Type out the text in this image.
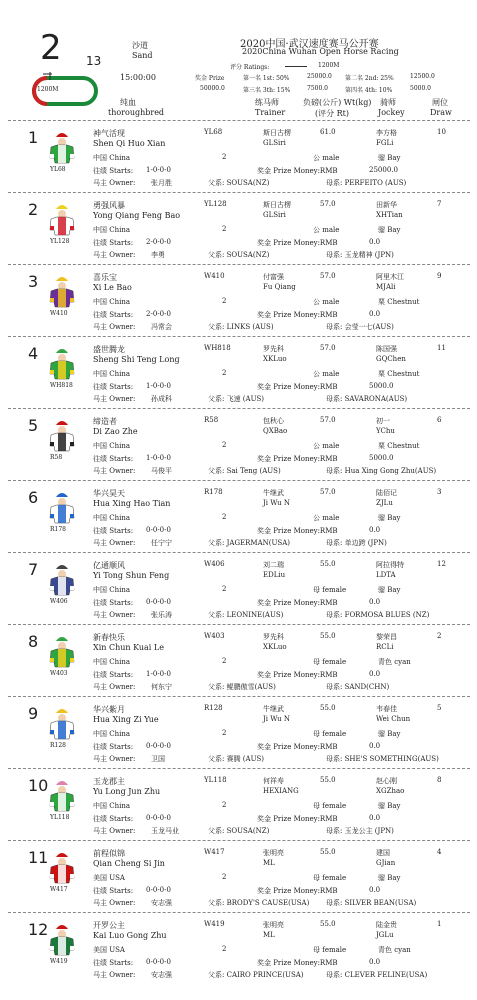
2 13
沙道
Sand
2020中国·武汉速度赛马公开赛
2020China Wuhan Open Horse Racing
评分 Ratings:	1200M
1200M
15:00:00	奖金 Prize
50000.0
第一名 1st: 50%	25000.0 第二名 2nd: 25%	12500.0
第三名 3th: 15%	7500.0	第四名 4th: 10%	5000.0
纯血
thoroughbred
练马师
Trainer
负磅(公斤) Wt(kg)
(评分 Rt)
骑师
Jockey
闸位
Draw
1
YL68
神气活现
Shen Qi Huo Xian
中国 China	2
往绩 Starts: 1-0-0-0
马主 Owner: 张月胜
YL68	斯日古楞
GLSiri
61.0
公 male	骝 Bay
李方格
FGLi
10
奖金 Prize Money:RMB	25000.0
父系: SOUSA(NZ)	母系: PERFEITO (AUS)
2
YL128
勇强风暴
Yong Qiang Feng Bao
中国 China	2
往绩 Starts: 2-0-0-0
马主 Owner: 李勇
YL128	斯日古楞
GLSiri
57.0
公 male	骝 Bay
田新华
XHTian
7
奖金 Prize Money:RMB	0.0
父系: SOUSA(NZ)	母系: 玉龙精神 (JPN)
3
W410
喜乐宝
Xi Le Bao
中国 China	2
往绩 Starts: 2-0-0-0
马主 Owner: 冯常会
W410	付富强
Fu Qiang
57.0
公 male	栗 Chestnut
阿里木江
MJAli
9
奖金 Prize Money:RMB	0.0
父系: LINKS (AUS)	母系: 会莹一七(AUS)
4
WH818
盛世腾龙
Sheng Shi Teng Long
中国 China	2
往绩 Starts: 1-0-0-0
马主 Owner: 孙成科
WH818	罗先科
XKLuo
57.0
公 male	栗 Chestnut
陈国强
GQChen
11
奖金 Prize Money:RMB	5000.0
父系: 飞速 (AUS)	母系: SAVARONA(AUS)
5
R58
缔造者
Di Zao Zhe
中国 China	2
往绩 Starts: 1-0-0-0
马主 Owner: 马俊平
R58	包秋心
QXBao
57.0
公 male	栗 Chestnut
初一
YChu
6
奖金 Prize Money:RMB	5000.0
父系: Sai Teng (AUS)	母系: Hua Xing Gong Zhu(AUS)
6
R178
华兴昊天
Hua Xing Hao Tian
中国 China	2
往绩 Starts: 0-0-0-0
马主 Owner: 任宁宁
R178	牛继武
Ji Wu N
57.0
公 male	骝 Bay
陆佰记
ZJLu
3
奖金 Prize Money:RMB	0.0
父系: JAGERMAN(USA)	母系: 单边跨 (JPN)
7
W406
亿通顺风
Yi Tong Shun Feng
中国 China	2
往绩 Starts: 0-0-0-0
马主 Owner: 张乐涛
W406	刘二瑞
EDLiu
55.0
母 female	骝 Bay
阿拉得特
LDTA
12
奖金 Prize Money:RMB	0.0
父系: LEONINE(AUS)	母系: FORMOSA BLUES (NZ)
8
W403
新春快乐
Xin Chun Kuai Le
中国 China	2
往绩 Starts: 1-0-0-0
马主 Owner: 何东宁
W403	罗先科
XKLuo
55.0
母 female	青色 cyan
黎荣昌
RCLi
2
奖金 Prize Money:RMB	0.0
父系: 鲲鹏傲雪(AUS)	母系: SAND(CHN)
9
R128
华兴紫月
Hua Xing Zi Yue
中国 China	2
往绩 Starts: 0-0-0-0
马主 Owner: 卫国
R128	牛继武
Ji Wu N
55.0
母 female	骝 Bay
韦春佳
Wei Chun
5
奖金 Prize Money:RMB	0.0
父系: 赛腾 (AUS)	母系: SHE'S SOMETHING(AUS)
10
YL118
玉龙郡主
Yu Long Jun Zhu
中国 China	2
往绩 Starts: 0-0-0-0
马主 Owner: 玉龙马业
YL118	何祥寿
HEXIANG
55.0
母 female	骝 Bay
赵心刚
XGZhao
8
奖金 Prize Money:RMB	0.0
父系: SOUSA(NZ)	母系: 玉龙公主 (JPN)
11
W417
前程似锦
Qian Cheng Si Jin
美国 USA	2
往绩 Starts: 0-0-0-0
马主 Owner: 安志强
W417	张明亮
ML
55.0
母 female	骝 Bay
建国
GJian
4
奖金 Prize Money:RMB	0.0
父系: BRODY'S CAUSE(USA) 母系: SILVER BEAN(USA)
12
W419
开罗公主
Kai Luo Gong Zhu
美国 USA	2
往绩 Starts: 0-0-0-0
马主 Owner: 安志强
W419	张明亮
ML
55.0
母 female	青色 cyan
陆金贵
JGLu
1
奖金 Prize Money:RMB	0.0
父系: CAIRO PRINCE(USA)	母系: CLEVER FELINE(USA)
